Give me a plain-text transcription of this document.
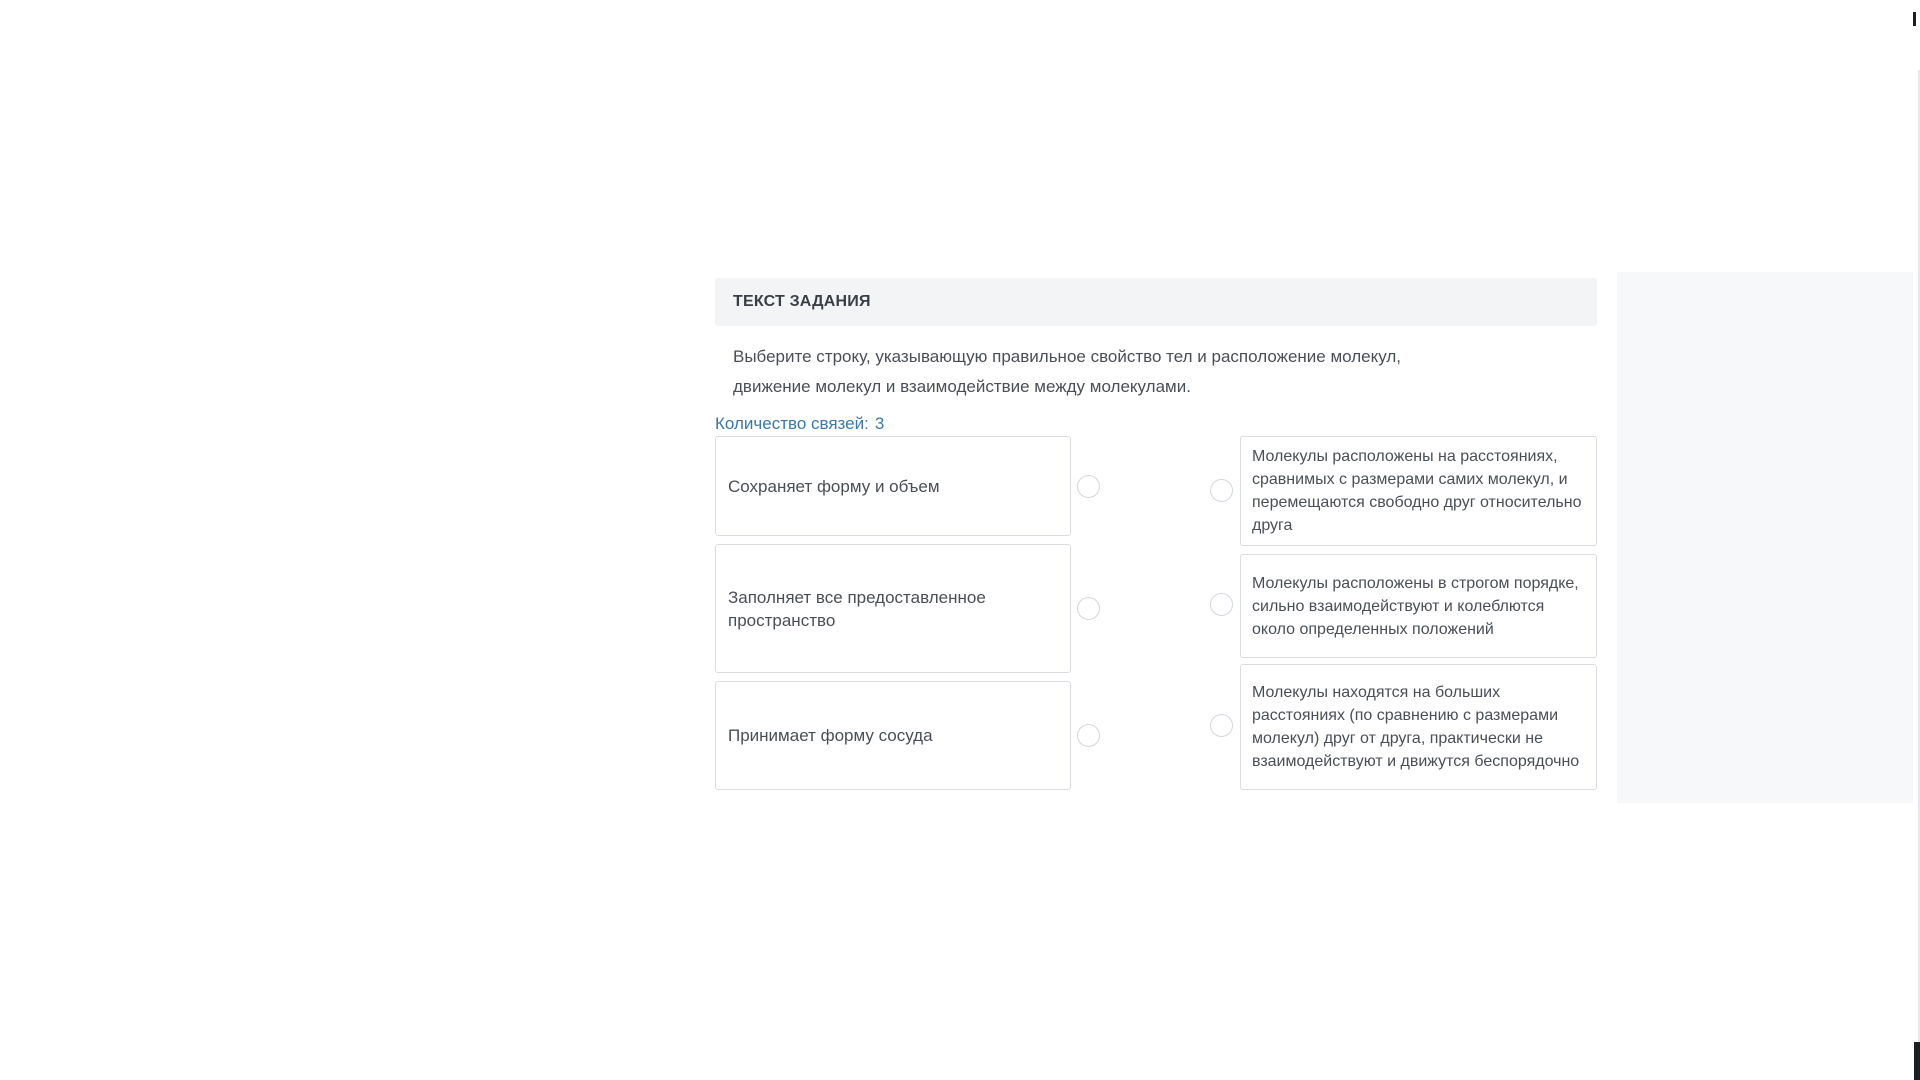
ТЕКСТ ЗАДАНИЯ
Выберите строку, указывающую правильное свойство тел и расположение молекул,
движение молекул и взаимодействие между молекулами.
Количество связей: 3
Сохраняет форму и объем
Заполняет все предоставленное пространство
Принимает форму сосуда
Молекулы расположены на расстояниях, сравнимых с размерами самих молекул, и перемещаются свободно друг относительно друга
Молекулы расположены в строгом порядке, сильно взаимодействуют и колеблются около определенных положений
Молекулы находятся на больших расстояниях (по сравнению с размерами молекул) друг от друга, практически не взаимодействуют и движутся беспорядочно
